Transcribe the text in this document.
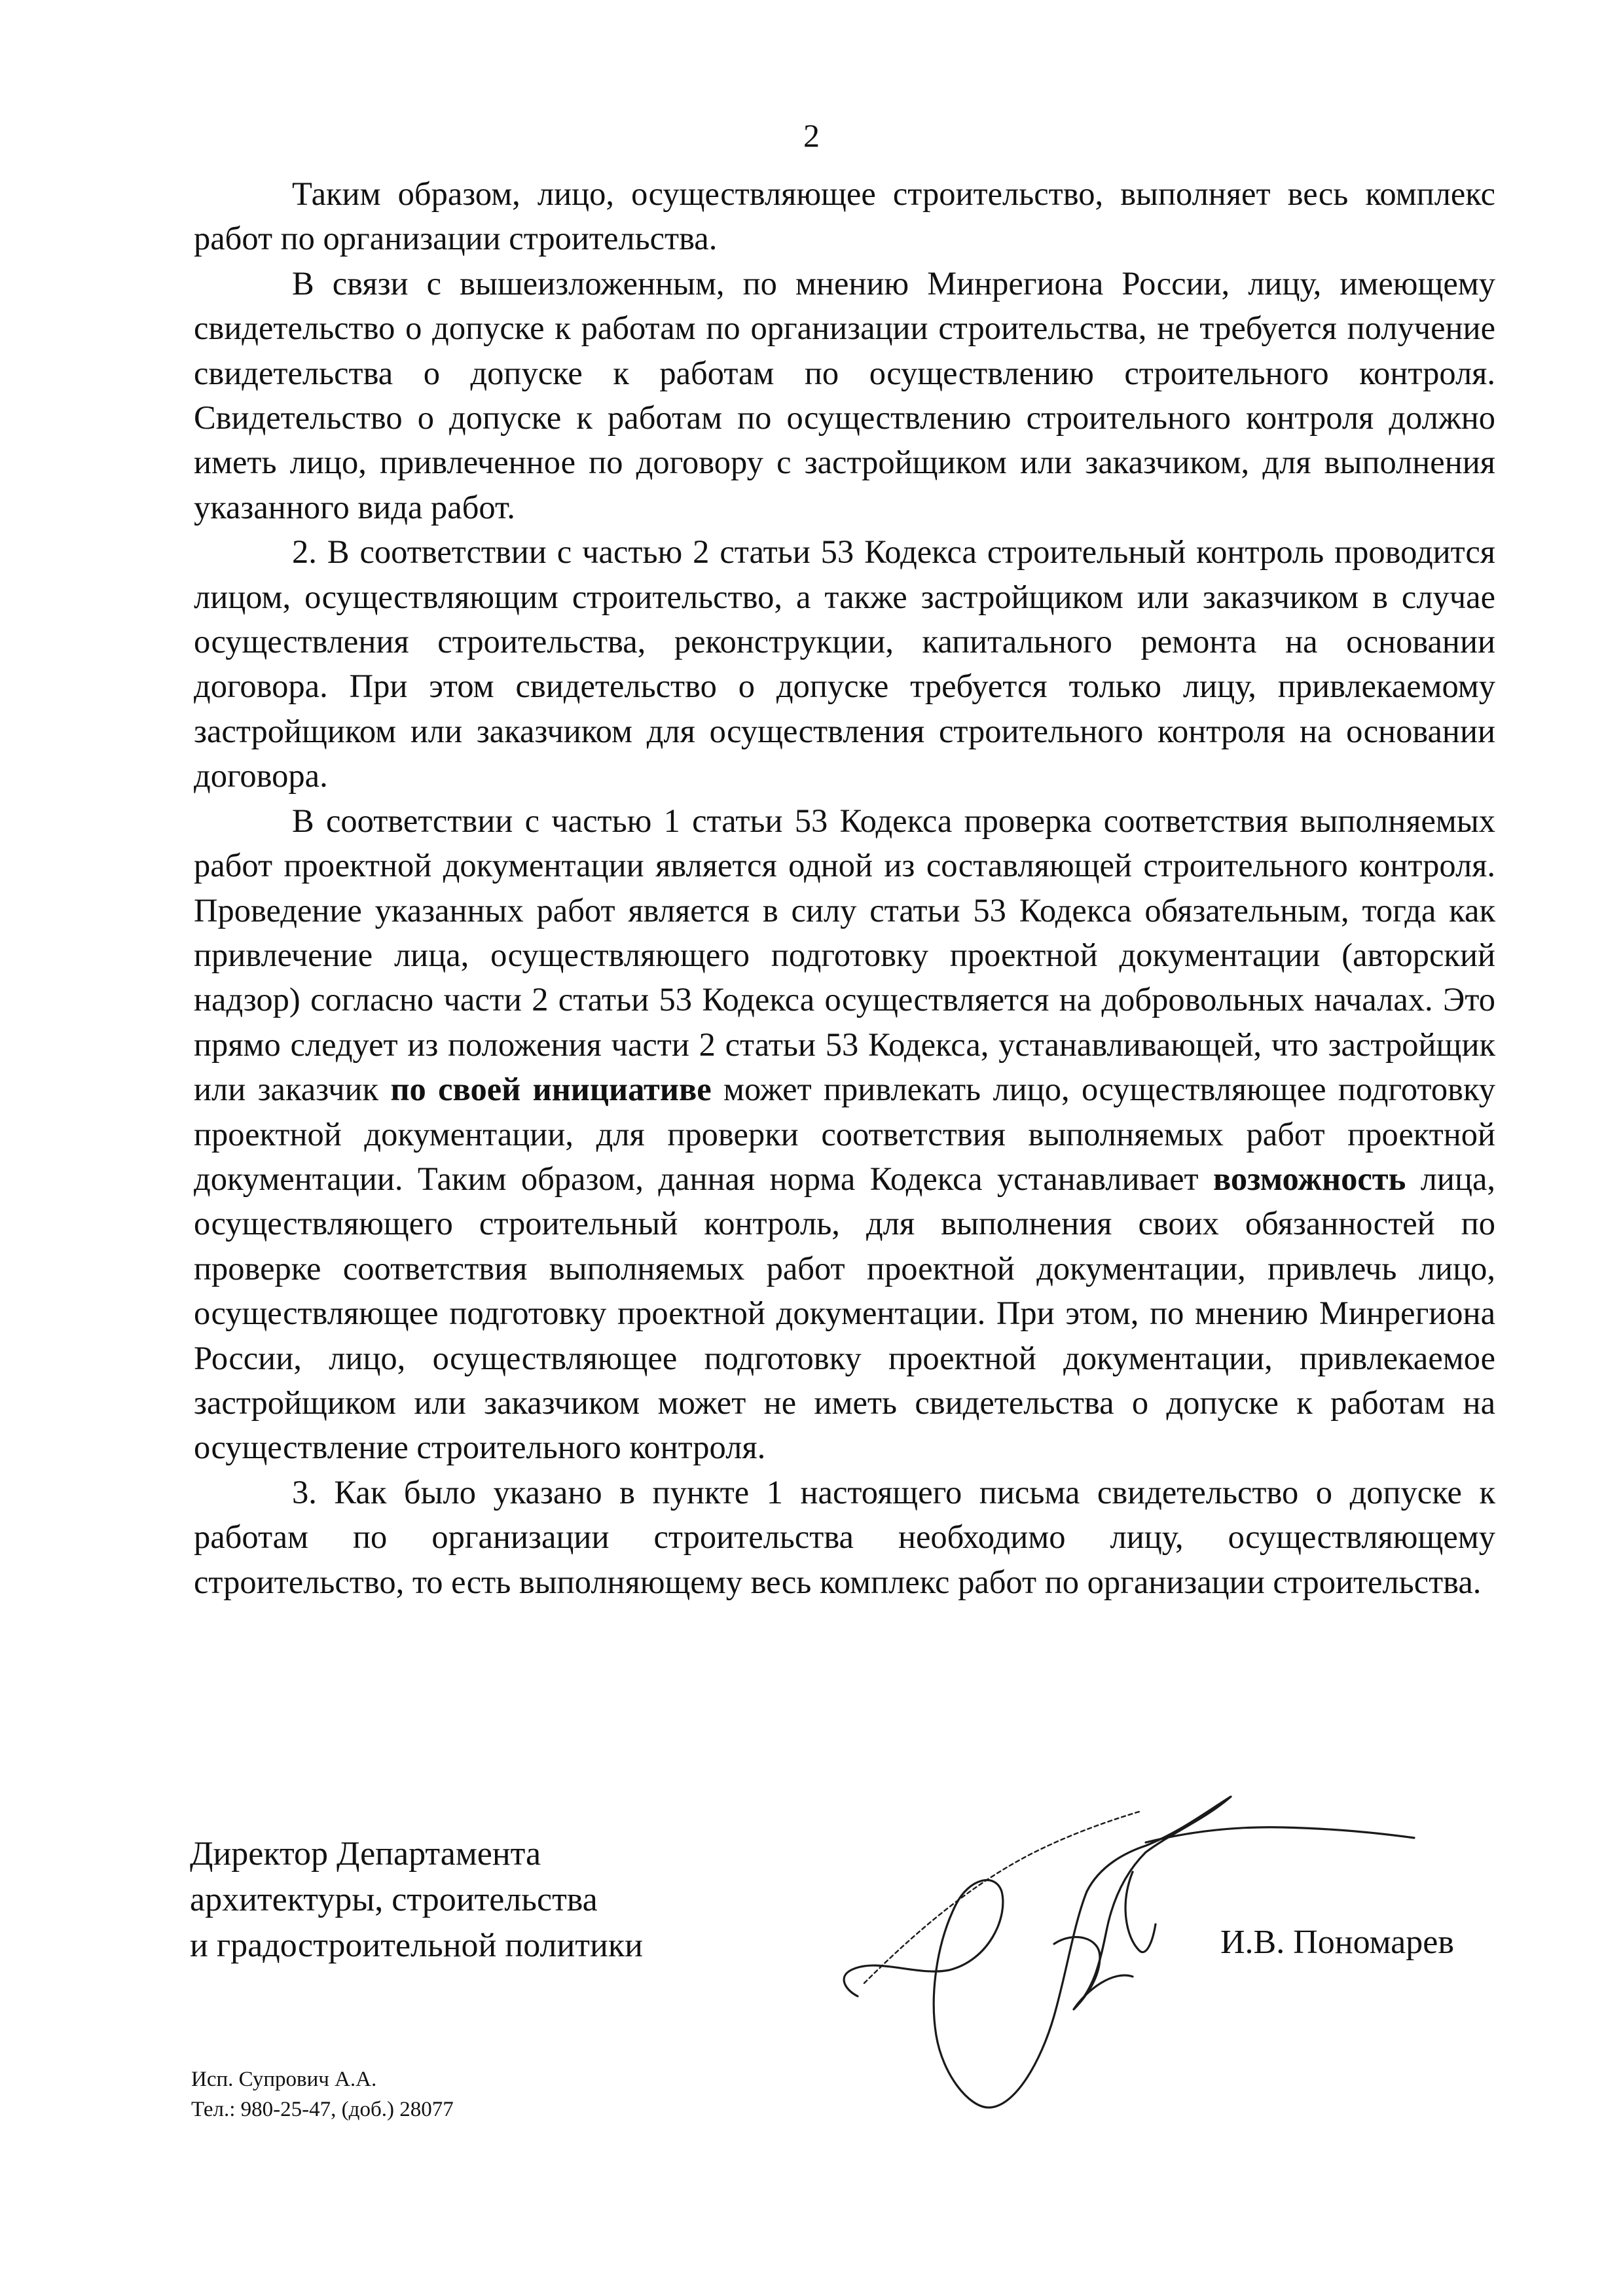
2

Таким образом, лицо, осуществляющее строительство, выполняет весь комплекс работ по организации строительства.

В связи с вышеизложенным, по мнению Минрегиона России, лицу, имеющему свидетельство о допуске к работам по организации строительства, не требуется получение свидетельства о допуске к работам по осуществлению строительного контроля. Свидетельство о допуске к работам по осуществлению строительного контроля должно иметь лицо, привлеченное по договору с застройщиком или заказчиком, для выполнения указанного вида работ.

2. В соответствии с частью 2 статьи 53 Кодекса строительный контроль проводится лицом, осуществляющим строительство, а также застройщиком или заказчиком в случае осуществления строительства, реконструкции, капитального ремонта на основании договора. При этом свидетельство о допуске требуется только лицу, привлекаемому застройщиком или заказчиком для осуществления строительного контроля на основании договора.

В соответствии с частью 1 статьи 53 Кодекса проверка соответствия выполняемых работ проектной документации является одной из составляющей строительного контроля. Проведение указанных работ является в силу статьи 53 Кодекса обязательным, тогда как привлечение лица, осуществляющего подготовку проектной документации (авторский надзор) согласно части 2 статьи 53 Кодекса осуществляется на добровольных началах. Это прямо следует из положения части 2 статьи 53 Кодекса, устанавливающей, что застройщик или заказчик по своей инициативе может привлекать лицо, осуществляющее подготовку проектной документации, для проверки соответствия выполняемых работ проектной документации. Таким образом, данная норма Кодекса устанавливает возможность лица, осуществляющего строительный контроль, для выполнения своих обязанностей по проверке соответствия выполняемых работ проектной документации, привлечь лицо, осуществляющее подготовку проектной документации. При этом, по мнению Минрегиона России, лицо, осуществляющее подготовку проектной документации, привлекаемое застройщиком или заказчиком может не иметь свидетельства о допуске к работам на осуществление строительного контроля.

3. Как было указано в пункте 1 настоящего письма свидетельство о допуске к работам по организации строительства необходимо лицу, осуществляющему строительство, то есть выполняющему весь комплекс работ по организации строительства.

Директор Департамента
архитектуры, строительства
и градостроительной политики	И.В. Пономарев
Исп. Супрович А.А.
Тел.: 980-25-47, (доб.) 28077
